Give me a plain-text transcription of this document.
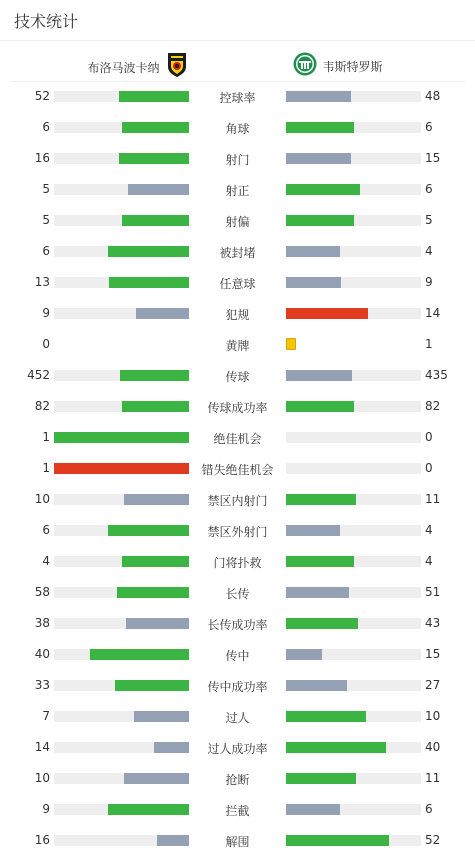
技术统计
布洛马波卡纳	韦斯特罗斯
52	控球率	48
6	角球	6
16	射门	15
5	射正	6
5	射偏	5
6	被封堵	4
13	任意球	9
9	犯规	14
0	黄牌	1
452	传球	435
82	传球成功率	82
1	绝佳机会	0
1	错失绝佳机会	0
10	禁区内射门	11
6	禁区外射门	4
4	门将扑救	4
58	长传	51
38	长传成功率	43
40	传中	15
33	传中成功率	27
7	过人	10
14	过人成功率	40
10	抢断	11
9	拦截	6
16	解围	52
